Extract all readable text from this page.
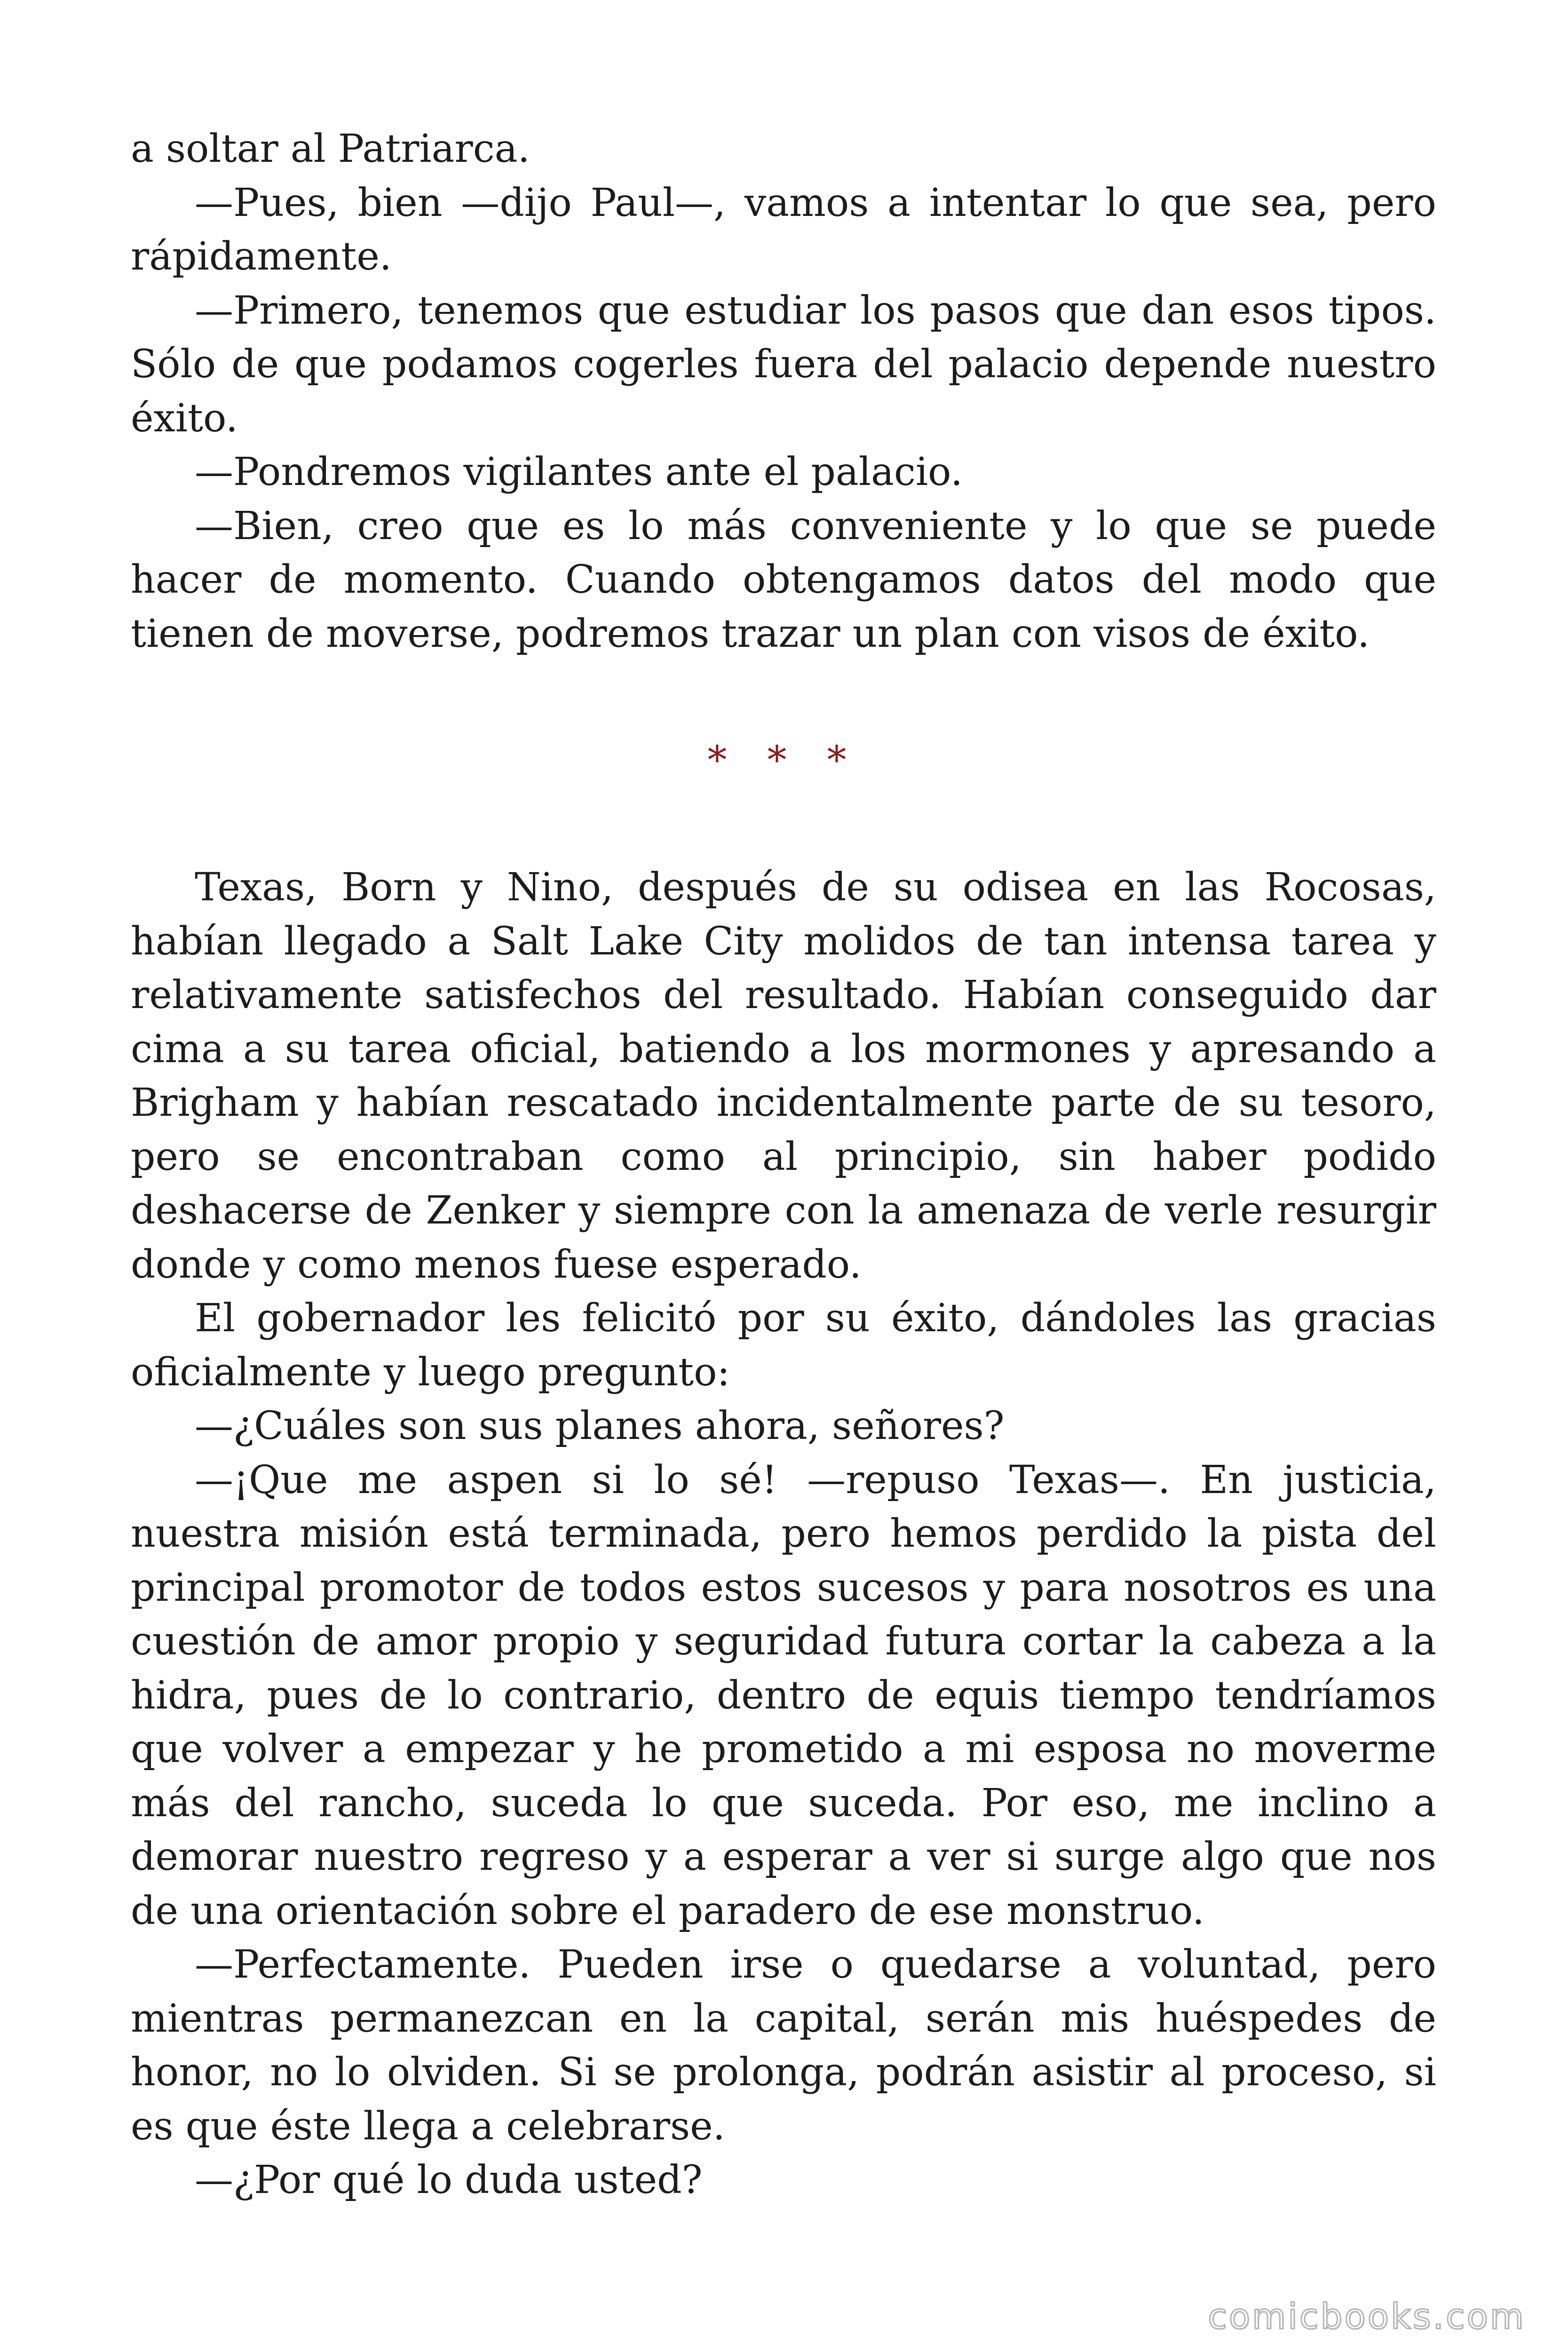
a soltar al Patriarca.

—Pues, bien —dijo Paul—, vamos a intentar lo que sea, pero rápidamente.

—Primero, tenemos que estudiar los pasos que dan esos tipos. Sólo de que podamos cogerles fuera del palacio depende nuestro éxito.

—Pondremos vigilantes ante el palacio.

—Bien, creo que es lo más conveniente y lo que se puede hacer de momento. Cuando obtengamos datos del modo que tienen de moverse, podremos trazar un plan con visos de éxito.

* * *

Texas, Born y Nino, después de su odisea en las Rocosas, habían llegado a Salt Lake City molidos de tan intensa tarea y relativamente satisfechos del resultado. Habían conseguido dar cima a su tarea oficial, batiendo a los mormones y apresando a Brigham y habían rescatado incidentalmente parte de su tesoro, pero se encontraban como al principio, sin haber podido deshacerse de Zenker y siempre con la amenaza de verle resurgir donde y como menos fuese esperado.

El gobernador les felicitó por su éxito, dándoles las gracias oficialmente y luego pregunto:

—¿Cuáles son sus planes ahora, señores?

—¡Que me aspen si lo sé! —repuso Texas—. En justicia, nuestra misión está terminada, pero hemos perdido la pista del principal promotor de todos estos sucesos y para nosotros es una cuestión de amor propio y seguridad futura cortar la cabeza a la hidra, pues de lo contrario, dentro de equis tiempo tendríamos que volver a empezar y he prometido a mi esposa no moverme más del rancho, suceda lo que suceda. Por eso, me inclino a demorar nuestro regreso y a esperar a ver si surge algo que nos de una orientación sobre el paradero de ese monstruo.

—Perfectamente. Pueden irse o quedarse a voluntad, pero mientras permanezcan en la capital, serán mis huéspedes de honor, no lo olviden. Si se prolonga, podrán asistir al proceso, si es que éste llega a celebrarse.

—¿Por qué lo duda usted?

comicbooks.com
